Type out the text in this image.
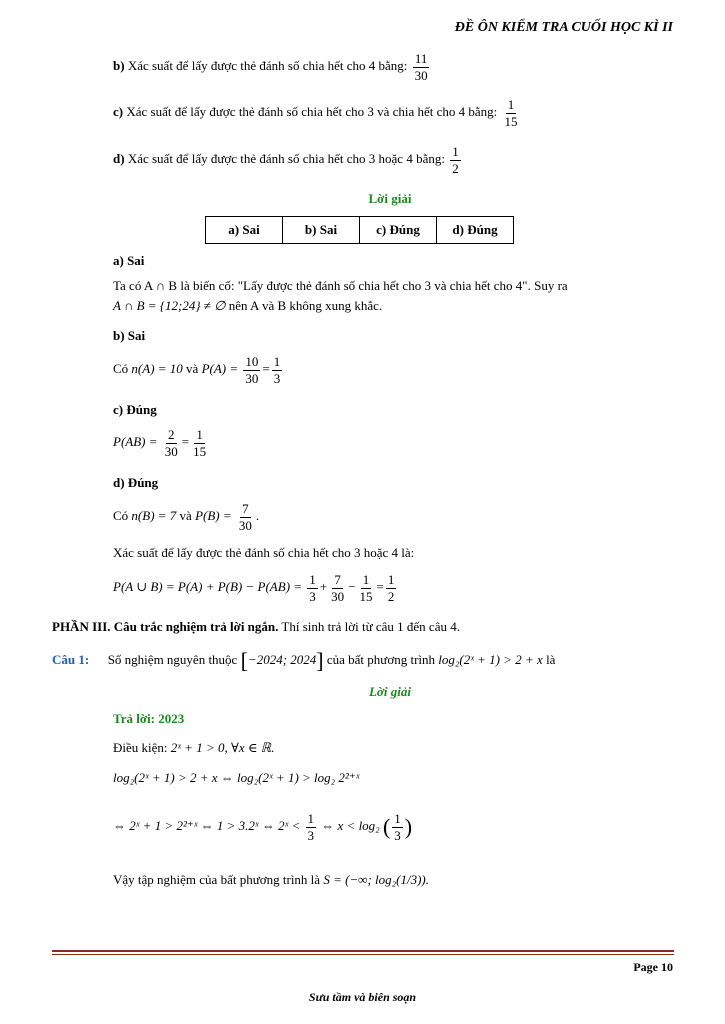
ĐỀ ÔN KIỂM TRA CUỐI HỌC KÌ II
b) Xác suất để lấy được thẻ đánh số chia hết cho 4 bằng: $\frac{11}{30}$
c) Xác suất để lấy được thẻ đánh số chia hết cho 3 và chia hết cho 4 bằng: $\frac{1}{15}$
d) Xác suất để lấy được thẻ đánh số chia hết cho 3 hoặc 4 bằng: $\frac{1}{2}$
Lời giải
a) Sai	b) Sai	c) Đúng	d) Đúng
a) Sai
Ta có A ∩ B là biến cố: "Lấy được thẻ đánh số chia hết cho 3 và chia hết cho 4". Suy ra
A ∩ B = {12;24} ≠ ∅ nên A và B không xung khắc.
b) Sai
Có n(A) = 10 và $P(A) = \frac{10}{30} = \frac{1}{3}$
c) Đúng
$P(AB) = \frac{2}{30} = \frac{1}{15}$
d) Đúng
Có n(B) = 7 và $P(B) = \frac{7}{30}$ .
Xác suất để lấy được thẻ đánh số chia hết cho 3 hoặc 4 là:
P(A ∪ $B) = P(A) + P(B) - P(AB) = \frac{1}{3} + \frac{7}{30} - \frac{1}{15} = \frac{1}{2}$
PHẦN III. Câu trắc nghiệm trả lời ngắn. Thí sinh trả lời từ câu 1 đến câu 4.
Câu 1: Số nghiệm nguyên thuộc [−2024; 2024] của bất phương trình log₂(2ˣ + 1) > 2 + x là
Lời giải
Trả lời: 2023
Điều kiện: 2ˣ + 1 > 0, ∀x ∈ ℝ.
log₂(2ˣ + 1) > 2 + x ⇔ log₂(2ˣ + 1) > log₂ 2²⁺ˣ
⇔ 2ˣ + 1 > 2²⁺ˣ ⇔ 1 > 3.2ˣ ⇔ 2ˣ < $\frac{1}{3}$ ⇔ x < log₂ ( $\frac{1}{3}$ )
Vậy tập nghiệm của bất phương trình là S = (−∞; log₂(1/3)).
Page 10
Sưu tầm và biên soạn
